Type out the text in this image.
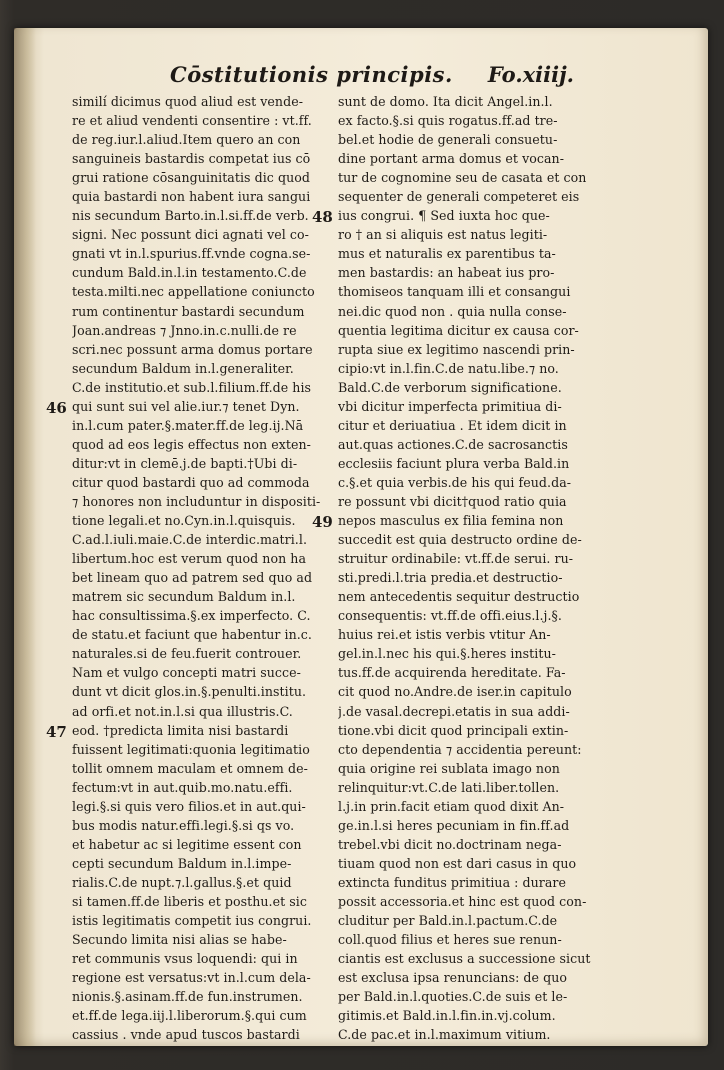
Cōstitutionis principis.	Fo.xiiij.
similí dicimus quod aliud est vende-
re et aliud vendenti consentire : vt.ff.
de reg.iur.l.aliud.Item quero an con
sanguineis bastardis competat ius cō
grui ratione cōsanguinitatis dic quod
quia bastardi non habent iura sangui
nis secundum Barto.in.l.si.ff.de verb.
signi. Nec possunt dici agnati vel co-
gnati vt in.l.spurius.ff.vnde cogna.se-
cundum Bald.in.l.in testamento.C.de
testa.milti.nec appellatione coniuncto
rum continentur bastardi secundum
Joan.andreas ⁊ Jnno.in.c.nulli.de re
scri.nec possunt arma domus portare
secundum Baldum in.l.generaliter.
C.de institutio.et sub.l.filium.ff.de his
qui sunt sui vel alie.iur.⁊ tenet Dyn.
in.l.cum pater.§.mater.ff.de leg.ij.Nā
quod ad eos legis effectus non exten-
ditur:vt in clemē.j.de bapti.†Ubi di-
citur quod bastardi quo ad commoda
⁊ honores non includuntur in dispositi-
tione legali.et no.Cyn.in.l.quisquis.
C.ad.l.iuli.maie.C.de interdic.matri.l.
libertum.hoc est verum quod non ha
bet lineam quo ad patrem sed quo ad
matrem sic secundum Baldum in.l.
hac consultissima.§.ex imperfecto. C.
de statu.et faciunt que habentur in.c.
naturales.si de feu.fuerit controuer.
Nam et vulgo concepti matri succe-
dunt vt dicit glos.in.§.penulti.institu.
ad orfi.et not.in.l.si qua illustris.C.
eod. †predicta limita nisi bastardi
fuissent legitimati:quonia legitimatio
tollit omnem maculam et omnem de-
fectum:vt in aut.quib.mo.natu.effi.
legi.§.si quis vero filios.et in aut.qui-
bus modis natur.effi.legi.§.si qs vo.
et habetur ac si legitime essent con
cepti secundum Baldum in.l.impe-
rialis.C.de nupt.⁊.l.gallus.§.et quid
si tamen.ff.de liberis et posthu.et sic
istis legitimatis competit ius congrui.
Secundo limita nisi alias se habe-
ret communis vsus loquendi: qui in
regione est versatus:vt in.l.cum dela-
nionis.§.asinam.ff.de fun.instrumen.
et.ff.de lega.iij.l.liberorum.§.qui cum
cassius . vnde apud tuscos bastardi
sunt de domo. Ita dicit Angel.in.l.
ex facto.§.si quis rogatus.ff.ad tre-
bel.et hodie de generali consuetu-
dine portant arma domus et vocan-
tur de cognomine seu de casata et con
sequenter de generali competeret eis
ius congrui. ¶ Sed iuxta hoc que-
ro † an si aliquis est natus legiti-
mus et naturalis ex parentibus ta-
men bastardis: an habeat ius pro-
thomiseos tanquam illi et consangui
nei.dic quod non . quia nulla conse-
quentia legitima dicitur ex causa cor-
rupta siue ex legitimo nascendi prin-
cipio:vt in.l.fin.C.de natu.libe.⁊ no.
Bald.C.de verborum significatione.
vbi dicitur imperfecta primitiua di-
citur et deriuatiua . Et idem dicit in
aut.quas actiones.C.de sacrosanctis
ecclesiis faciunt plura verba Bald.in
c.§.et quia verbis.de his qui feud.da-
re possunt vbi dicit†quod ratio quia
nepos masculus ex filia femina non
succedit est quia destructo ordine de-
struitur ordinabile: vt.ff.de serui. ru-
sti.predi.l.tria predia.et destructio-
nem antecedentis sequitur destructio
consequentis: vt.ff.de offi.eius.l.j.§.
huius rei.et istis verbis vtitur An-
gel.in.l.nec his qui.§.heres institu-
tus.ff.de acquirenda hereditate. Fa-
cit quod no.Andre.de iser.in capitulo
j.de vasal.decrepi.etatis in sua addi-
tione.vbi dicit quod principali extin-
cto dependentia ⁊ accidentia pereunt:
quia origine rei sublata imago non
relinquitur:vt.C.de lati.liber.tollen.
l.j.in prin.facit etiam quod dixit An-
ge.in.l.si heres pecuniam in fin.ff.ad
trebel.vbi dicit no.doctrinam nega-
tiuam quod non est dari casus in quo
extincta funditus primitiua : durare
possit accessoria.et hinc est quod con-
cluditur per Bald.in.l.pactum.C.de
coll.quod filius et heres sue renun-
ciantis est exclusus a successione sicut
est exclusa ipsa renuncians: de quo
per Bald.in.l.quoties.C.de suis et le-
gitimis.et Bald.in.l.fin.in.vj.colum.
C.de pac.et in.l.maximum vitium.
46
47
48
49
